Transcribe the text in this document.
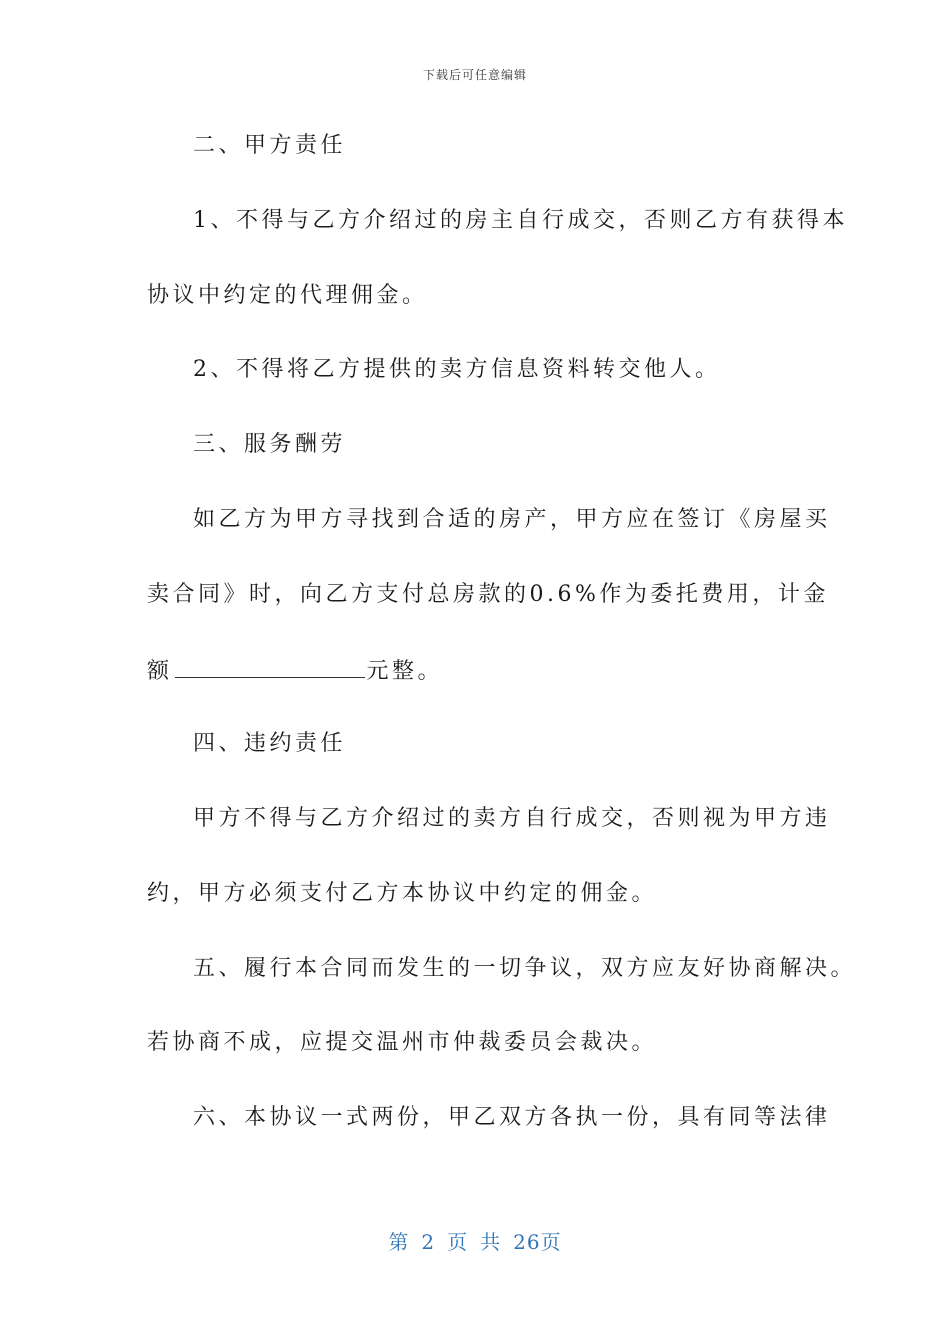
下载后可任意编辑
二、甲方责任
1、不得与乙方介绍过的房主自行成交，否则乙方有获得本
协议中约定的代理佣金。
2、不得将乙方提供的卖方信息资料转交他人。
三、服务酬劳
如乙方为甲方寻找到合适的房产，甲方应在签订《房屋买
卖合同》时，向乙方支付总房款的0.6%作为委托费用，计金
额	元整。
四、违约责任
甲方不得与乙方介绍过的卖方自行成交，否则视为甲方违
约，甲方必须支付乙方本协议中约定的佣金。
五、履行本合同而发生的一切争议，双方应友好协商解决。
若协商不成，应提交温州市仲裁委员会裁决。
六、本协议一式两份，甲乙双方各执一份，具有同等法律
第 2 页 共 26页
